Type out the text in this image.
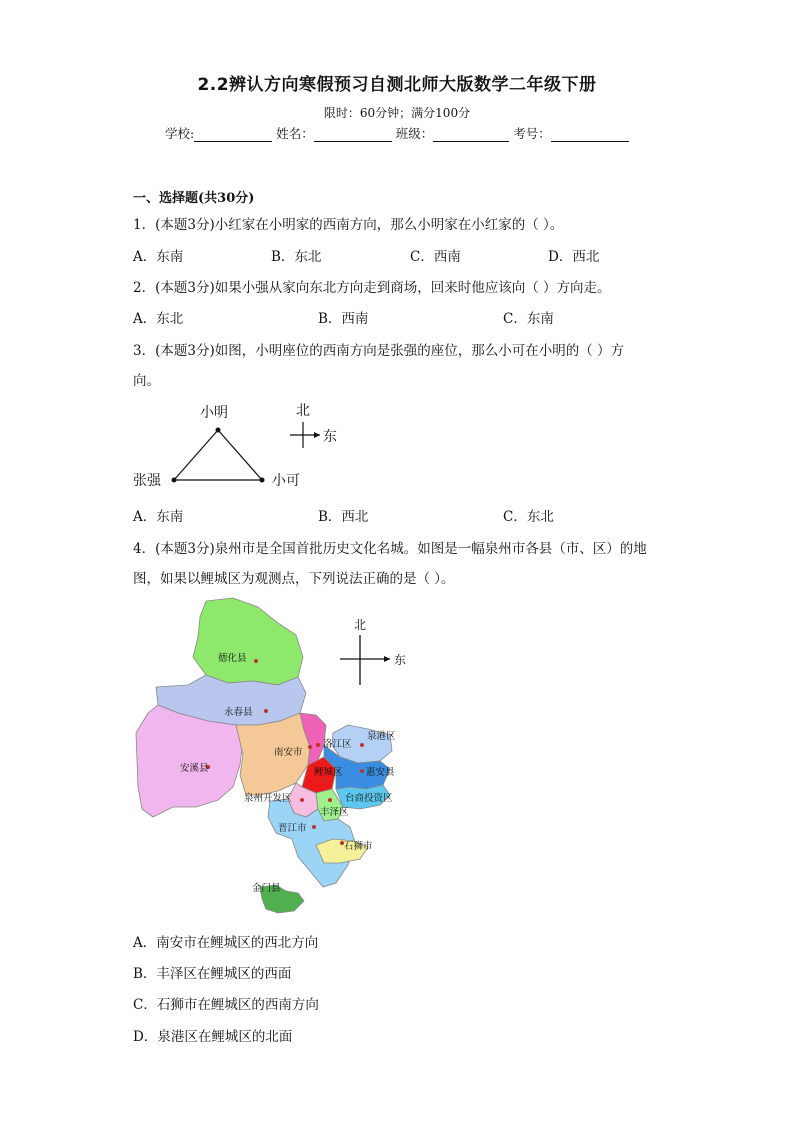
2.2辨认方向寒假预习自测北师大版数学二年级下册
限时：60分钟；满分100分
学校:	姓名：	班级：	考号：
一、选择题(共30分)
1．(本题3分)小红家在小明家的西南方向，那么小明家在小红家的（ ）。
A．东南	B．东北	C．西南	D．西北
2．(本题3分)如果小强从家向东北方向走到商场，回来时他应该向（ ）方向走。
A．东北	B．西南	C．东南
3．(本题3分)如图，小明座位的西南方向是张强的座位，那么小可在小明的（ ）方
向。
小明
张强	小可
北
东
A．东南	B．西北	C．东北
4．(本题3分)泉州市是全国首批历史文化名城。如图是一幅泉州市各县（市、区）的地
图，如果以鲤城区为观测点，下列说法正确的是（ ）。
德化县
永春县
安溪县
南安市
洛江区
泉港区
鲤城区 惠安县
泉州开发区	台商投资区
丰泽区
晋江市
石狮市
金门县
北
东
A．南安市在鲤城区的西北方向
B．丰泽区在鲤城区的西面
C．石狮市在鲤城区的西南方向
D．泉港区在鲤城区的北面
